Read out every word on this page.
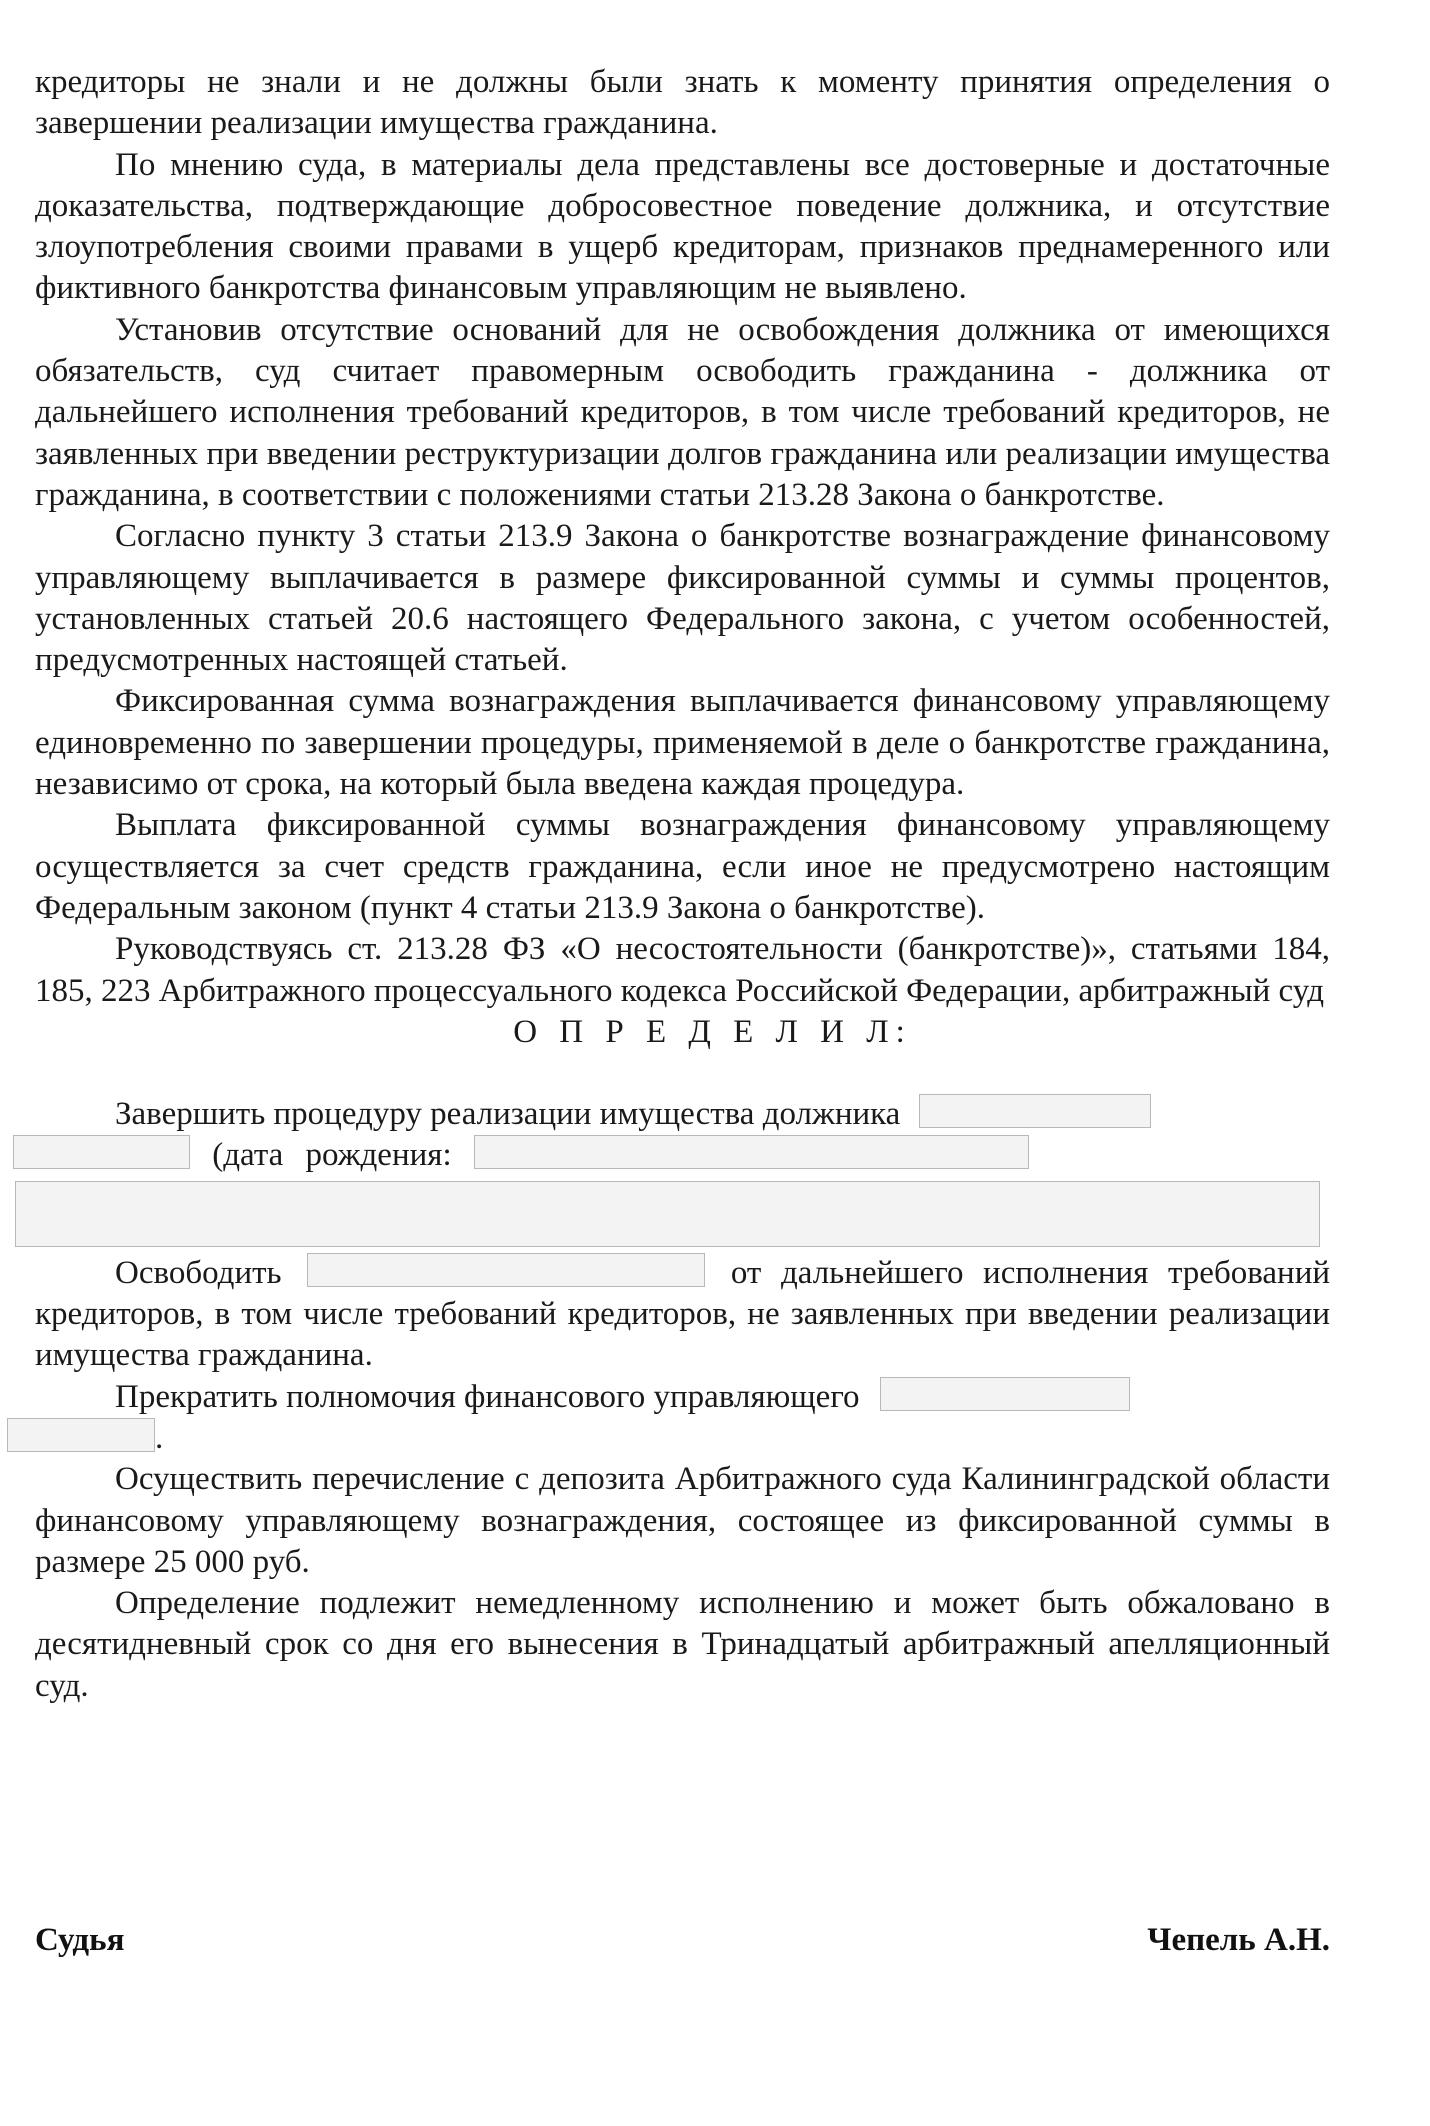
кредиторы не знали и не должны были знать к моменту принятия определения о завершении реализации имущества гражданина.

По мнению суда, в материалы дела представлены все достоверные и достаточные доказательства, подтверждающие добросовестное поведение должника, и отсутствие злоупотребления своими правами в ущерб кредиторам, признаков преднамеренного или фиктивного банкротства финансовым управляющим не выявлено.

Установив отсутствие оснований для не освобождения должника от имеющихся обязательств, суд считает правомерным освободить гражданина - должника от дальнейшего исполнения требований кредиторов, в том числе требований кредиторов, не заявленных при введении реструктуризации долгов гражданина или реализации имущества гражданина, в соответствии с положениями статьи 213.28 Закона о банкротстве.

Согласно пункту 3 статьи 213.9 Закона о банкротстве вознаграждение финансовому управляющему выплачивается в размере фиксированной суммы и суммы процентов, установленных статьей 20.6 настоящего Федерального закона, с учетом особенностей, предусмотренных настоящей статьей.

Фиксированная сумма вознаграждения выплачивается финансовому управляющему единовременно по завершении процедуры, применяемой в деле о банкротстве гражданина, независимо от срока, на который была введена каждая процедура.

Выплата фиксированной суммы вознаграждения финансовому управляющему осуществляется за счет средств гражданина, если иное не предусмотрено настоящим Федеральным законом (пункт 4 статьи 213.9 Закона о банкротстве).

Руководствуясь ст. 213.28 ФЗ «О несостоятельности (банкротстве)», статьями 184, 185, 223 Арбитражного процессуального кодекса Российской Федерации, арбитражный суд

О П Р Е Д Е Л И Л:

Завершить процедуру реализации имущества должника

(дата рождения:

Освободить	от дальнейшего исполнения требований кредиторов, в том числе требований кредиторов, не заявленных при введении реализации имущества гражданина.

Прекратить полномочия финансового управляющего

.

Осуществить перечисление с депозита Арбитражного суда Калининградской области финансовому управляющему вознаграждения, состоящее из фиксированной суммы в размере 25 000 руб.

Определение подлежит немедленному исполнению и может быть обжаловано в десятидневный срок со дня его вынесения в Тринадцатый арбитражный апелляционный суд.

Судья	Чепель А.Н.
